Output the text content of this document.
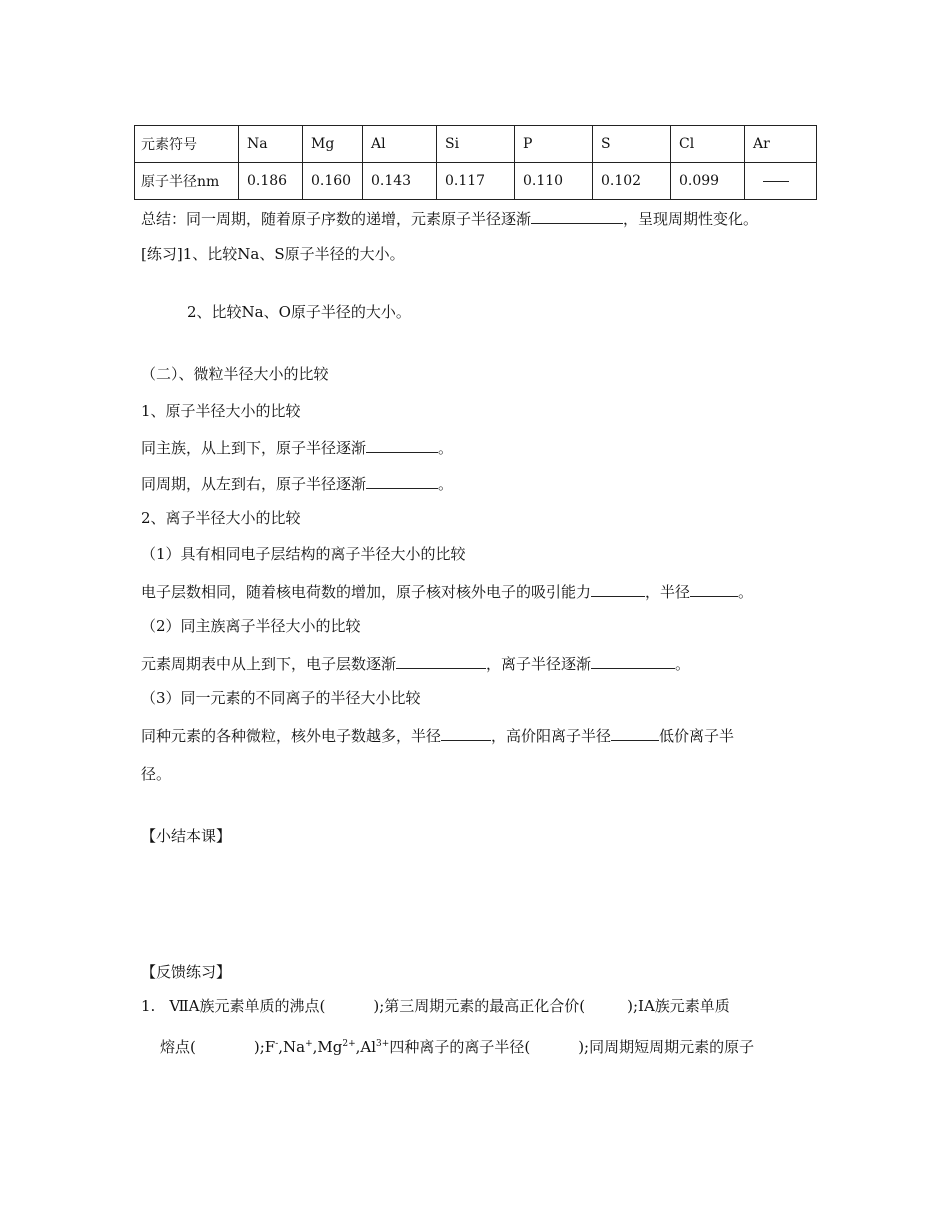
元素符号	Na	Mg	Al	Si	P	S	Cl	Ar
原子半径nm	0.186	0.160	0.143	0.117	0.110	0.102	0.099	
总结：同一周期，随着原子序数的递增，元素原子半径逐渐	，呈现周期性变化。
[练习]1、比较Na、S原子半径的大小。
2、比较Na、O原子半径的大小。
（二）、微粒半径大小的比较
1、原子半径大小的比较
同主族，从上到下，原子半径逐渐	。
同周期，从左到右，原子半径逐渐	。
2、离子半径大小的比较
（1）具有相同电子层结构的离子半径大小的比较
电子层数相同，随着核电荷数的增加，原子核对核外电子的吸引能力	，半径	。
（2）同主族离子半径大小的比较
元素周期表中从上到下，电子层数逐渐	，离子半径逐渐	。
（3）同一元素的不同离子的半径大小比较
同种元素的各种微粒，核外电子数越多，半径	，高价阳离子半径	低价离子半
径。
【小结本课】
【反馈练习】
1. ⅦA族元素单质的沸点(	);第三周期元素的最高正化合价(	);IA族元素单质
熔点(	)$;F^-,Na^+,Mg^{2+},Al^{3+}$四种离子的离子半径(	);同周期短周期元素的原子
